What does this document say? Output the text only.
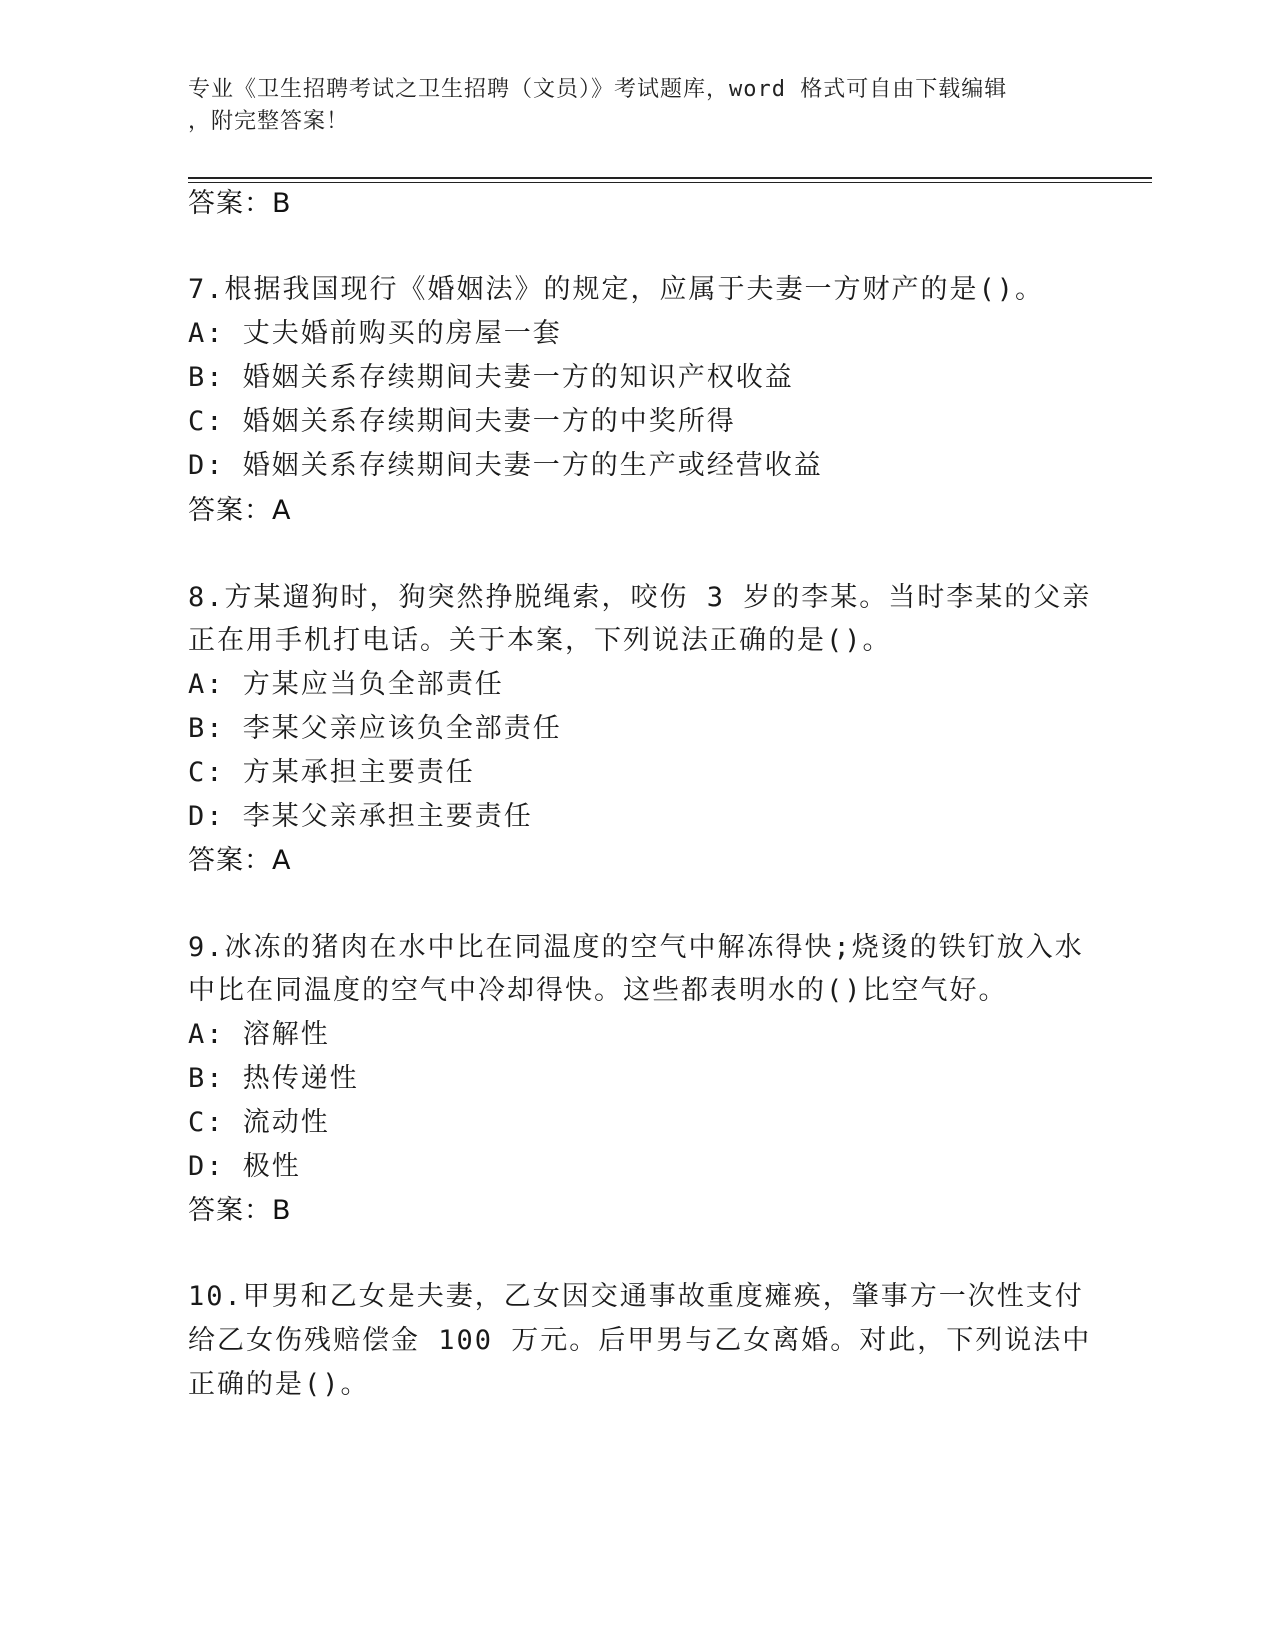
专业《卫生招聘考试之卫生招聘（文员）》考试题库，word 格式可自由下载编辑
，附完整答案！
答案：B
7.根据我国现行《婚姻法》的规定，应属于夫妻一方财产的是()。
A: 丈夫婚前购买的房屋一套
B: 婚姻关系存续期间夫妻一方的知识产权收益
C: 婚姻关系存续期间夫妻一方的中奖所得
D: 婚姻关系存续期间夫妻一方的生产或经营收益
答案：A
8.方某遛狗时，狗突然挣脱绳索，咬伤 3 岁的李某。当时李某的父亲
正在用手机打电话。关于本案，下列说法正确的是()。
A: 方某应当负全部责任
B: 李某父亲应该负全部责任
C: 方某承担主要责任
D: 李某父亲承担主要责任
答案：A
9.冰冻的猪肉在水中比在同温度的空气中解冻得快;烧烫的铁钉放入水
中比在同温度的空气中冷却得快。这些都表明水的()比空气好。
A: 溶解性
B: 热传递性
C: 流动性
D: 极性
答案：B
10.甲男和乙女是夫妻，乙女因交通事故重度瘫痪，肇事方一次性支付
给乙女伤残赔偿金 100 万元。后甲男与乙女离婚。对此，下列说法中
正确的是()。
